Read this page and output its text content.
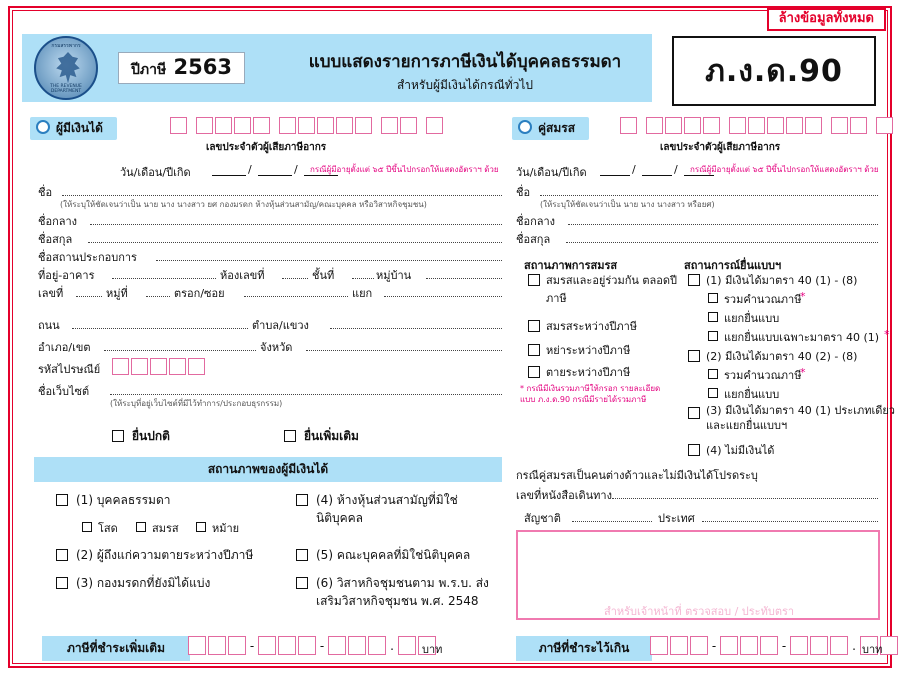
ล้างข้อมูลทั้งหมด
กรมสรรพากร
THE REVENUE DEPARTMENT
ปีภาษี 2563	แบบแสดงรายการภาษีเงินได้บุคคลธรรมดา
สำหรับผู้มีเงินได้กรณีทั่วไป	ภ.ง.ด.90
ผู้มีเงินได้
เลขประจำตัวผู้เสียภาษีอากร
วัน/เดือน/ปีเกิด	/	/ กรณีผู้มีอายุตั้งแต่ ๖๕ ปีขึ้นไปกรอกให้แสดงอัตราฯ ด้วย
ชื่อ
(ให้ระบุให้ชัดเจนว่าเป็น นาย นาง นางสาว ยศ กองมรดก ห้างหุ้นส่วนสามัญ/คณะบุคคล หรือวิสาหกิจชุมชน)
ชื่อกลาง
ชื่อสกุล
ชื่อสถานประกอบการ
ที่อยู่-อาคาร	ห้องเลขที่	ชั้นที่	หมู่บ้าน
เลขที่	หมู่ที่	ตรอก/ซอย	แยก
ถนน	ตำบล/แขวง
อำเภอ/เขต	จังหวัด
รหัสไปรษณีย์
ชื่อเว็บไซต์
(ให้ระบุที่อยู่เว็บไซต์ที่มีไว้ทำการ/ประกอบธุรกรรม)
ยื่นปกติ	ยื่นเพิ่มเติม
คู่สมรส
เลขประจำตัวผู้เสียภาษีอากร
วัน/เดือน/ปีเกิด	/	/ กรณีผู้มีอายุตั้งแต่ ๖๕ ปีขึ้นไปกรอกให้แสดงอัตราฯ ด้วย
ชื่อ
(ให้ระบุให้ชัดเจนว่าเป็น นาย นาง นางสาว หรือยศ)
ชื่อกลาง
ชื่อสกุล
สถานภาพการสมรส
สมรสและอยู่ร่วมกัน ตลอดปีภาษี
สมรสระหว่างปีภาษี
หย่าระหว่างปีภาษี
ตายระหว่างปีภาษี
* กรณีมีเงินรวมภาษีให้กรอก รายละเอียดแบบ ภ.ง.ด.90 กรณีมีรายได้รวมภาษี
สถานการณ์ยื่นแบบฯ
(1) มีเงินได้มาตรา 40 (1) - (8)
รวมคำนวณภาษี
*
แยกยื่นแบบ
แยกยื่นแบบเฉพาะมาตรา 40 (1) *
(2) มีเงินได้มาตรา 40 (2) - (8)
รวมคำนวณภาษี
*
แยกยื่นแบบ
(3) มีเงินได้มาตรา 40 (1) ประเภทเดียวและแยกยื่นแบบฯ
(4) ไม่มีเงินได้
กรณีคู่สมรสเป็นคนต่างด้าวและไม่มีเงินได้โปรดระบุ
เลขที่หนังสือเดินทาง
สัญชาติ	ประเทศ
สำหรับเจ้าหน้าที่ ตรวจสอบ / ประทับตรา
สถานภาพของผู้มีเงินได้
(1) บุคคลธรรมดา
โสด	สมรส	หม้าย
(2) ผู้ถึงแก่ความตายระหว่างปีภาษี
(3) กองมรดกที่ยังมิได้แบ่ง
(4) ห้างหุ้นส่วนสามัญที่มิใช่นิติบุคคล
(5) คณะบุคคลที่มิใช่นิติบุคคล
(6) วิสาหกิจชุมชนตาม พ.ร.บ. ส่งเสริมวิสาหกิจชุมชน พ.ศ. 2548
ภาษีที่ชำระเพิ่มเติม	-	-	.	บาท	ภาษีที่ชำระไว้เกิน	-	-	. บาท
